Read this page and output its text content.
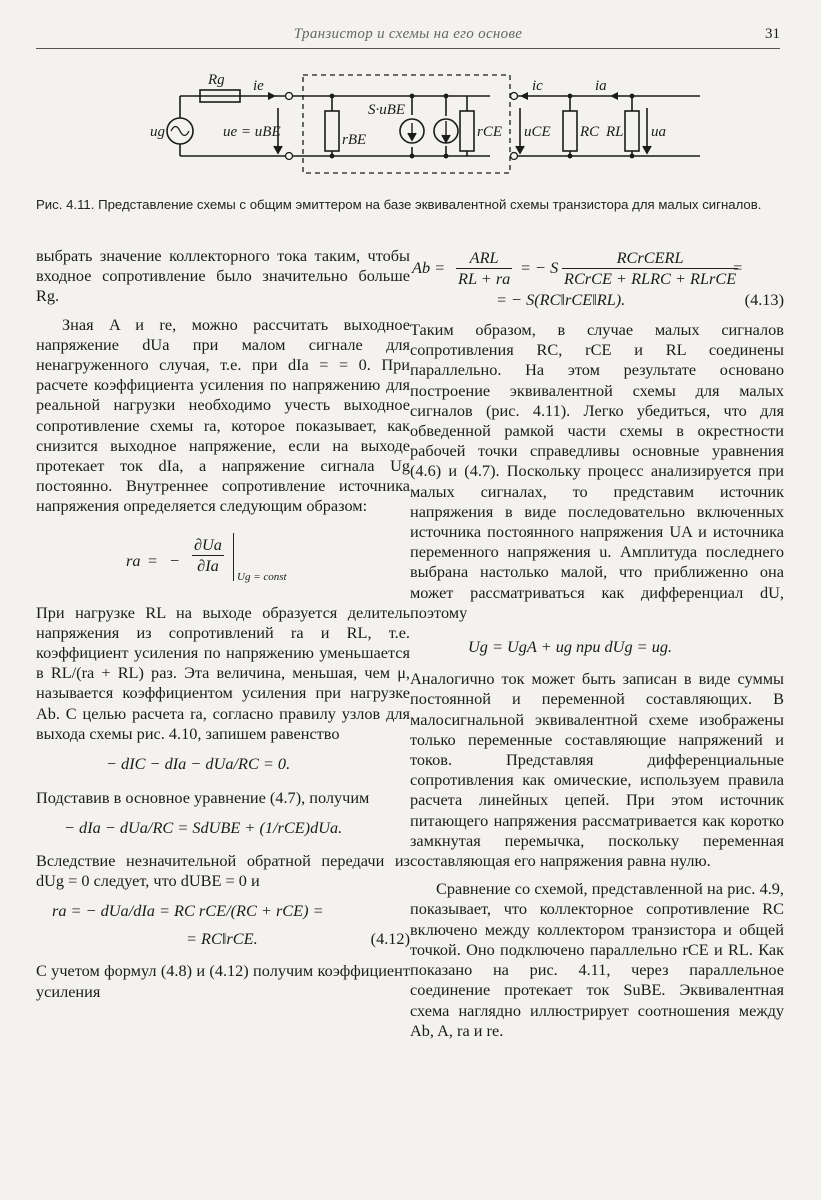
Транзистор и схемы на его основе	31
Rg ie
ug	ue = uBE	rBE
S·uBE
rCE
ic	ia
uCE RC RL ua
Рис. 4.11. Представление схемы с общим эмиттером на базе эквивалентной схемы транзистора для малых сигналов.

выбрать значение коллекторного тока таким, чтобы входное сопротивление было значительно больше Rg.

Зная A и re, можно рассчитать выходное напряжение dUa при малом сигнале для ненагруженного случая, т.е. при dIa = = 0. При расчете коэффициента усиления по напряжению для реальной нагрузки необходимо учесть выходное сопротивление схемы ra, которое показывает, как снизится выходное напряжение, если на выходе протекает ток dIa, а напряжение сигнала Ug постоянно. Внутреннее сопротивление источника напряжения определяется следующим образом:

ra = − $\frac{\partial Ua}{\partial Ia}$
Ug = const

При нагрузке RL на выходе образуется делитель напряжения из сопротивлений ra и RL, т.е. коэффициент усиления по напряжению уменьшается в RL/(ra + RL) раз. Эта величина, меньшая, чем μ, называется коэффициентом усиления при нагрузке Ab. С целью расчета ra, согласно правилу узлов для выхода схемы рис. 4.10, запишем равенство

− dIC − dIa − dUa/RC = 0.

Подставив в основное уравнение (4.7), получим

− dIa − dUa/RC = SdUBE + (1/rCE)dUa.

Вследствие незначительной обратной передачи из dUg = 0 следует, что dUBE = 0 и

ra = − dUa/dIa = RC rCE/(RC + rCE) =

= RC‖rCE.	(4.12)

С учетом формул (4.8) и (4.12) получим коэффициент усиления

Ab =
ARL
RL + ra
= − S
RCrCERL
RCrCE + RLRC + RLrCE
=
= − S(RC‖rCE‖RL).	(4.13)

Таким образом, в случае малых сигналов сопротивления RC, rCE и RL соединены параллельно. На этом результате основано построение эквивалентной схемы для малых сигналов (рис. 4.11). Легко убедиться, что для обведенной рамкой части схемы в окрестности рабочей точки справедливы основные уравнения (4.6) и (4.7). Поскольку процесс анализируется при малых сигналах, то представим источник напряжения в виде последовательно включенных источника постоянного напряжения UA и источника переменного напряжения u. Амплитуда последнего выбрана настолько малой, что приближенно она может рассматриваться как дифференциал dU, поэтому

Ug = UgA + ug при dUg = ug.

Аналогично ток может быть записан в виде суммы постоянной и переменной составляющих. В малосигнальной эквивалентной схеме изображены только переменные составляющие напряжений и токов. Представляя дифференциальные сопротивления как омические, используем правила расчета линейных цепей. При этом источник питающего напряжения рассматривается как коротко замкнутая перемычка, поскольку переменная составляющая его напряжения равна нулю.

Сравнение со схемой, представленной на рис. 4.9, показывает, что коллекторное сопротивление RC включено между коллектором транзистора и общей точкой. Оно подключено параллельно rCE и RL. Как показано на рис. 4.11, через параллельное соединение протекает ток SuBE. Эквивалентная схема наглядно иллюстрирует соотношения между Ab, A, ra и re.
